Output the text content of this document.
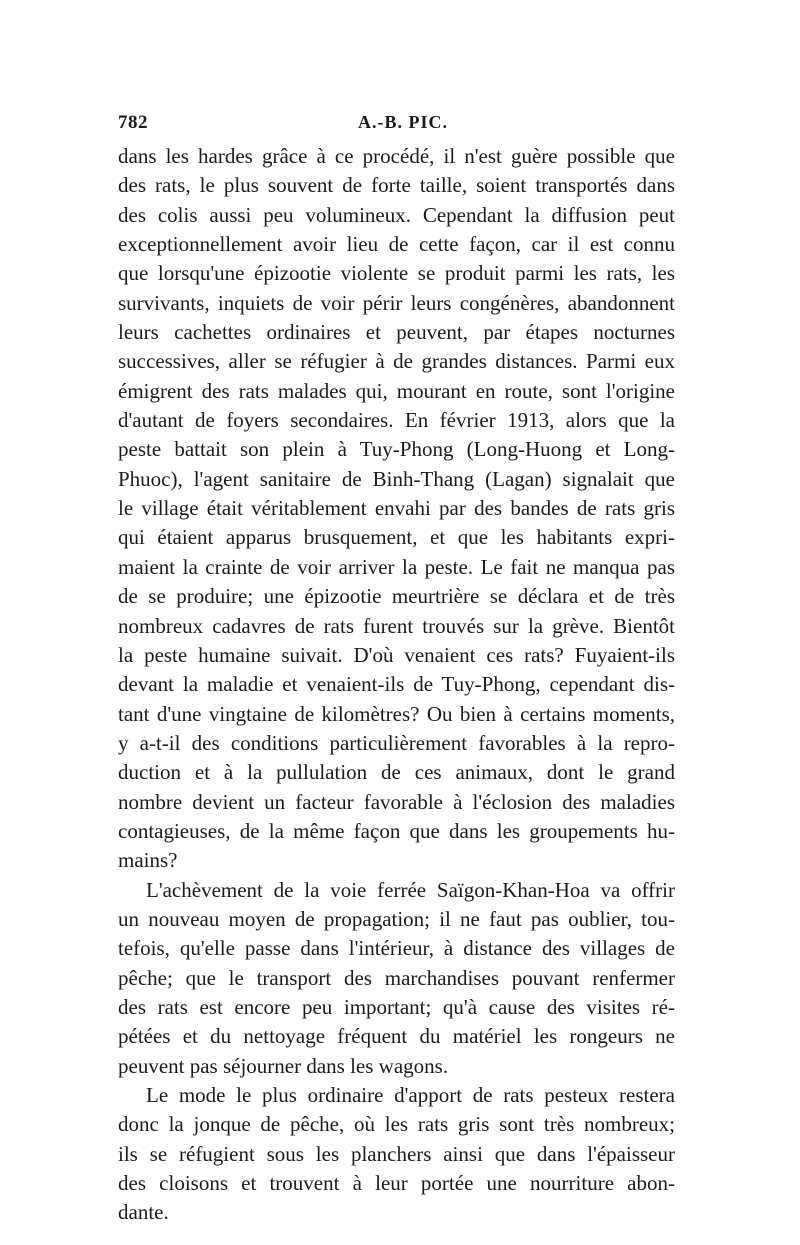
782	A.-B. PIC.
dans les hardes grâce à ce procédé, il n'est guère possible que
des rats, le plus souvent de forte taille, soient transportés dans
des colis aussi peu volumineux. Cependant la diffusion peut
exceptionnellement avoir lieu de cette façon, car il est connu
que lorsqu'une épizootie violente se produit parmi les rats, les
survivants, inquiets de voir périr leurs congénères, abandonnent
leurs cachettes ordinaires et peuvent, par étapes nocturnes
successives, aller se réfugier à de grandes distances. Parmi eux
émigrent des rats malades qui, mourant en route, sont l'origine
d'autant de foyers secondaires. En février 1913, alors que la
peste battait son plein à Tuy-Phong (Long-Huong et Long-
Phuoc), l'agent sanitaire de Binh-Thang (Lagan) signalait que
le village était véritablement envahi par des bandes de rats gris
qui étaient apparus brusquement, et que les habitants expri-
maient la crainte de voir arriver la peste. Le fait ne manqua pas
de se produire; une épizootie meurtrière se déclara et de très
nombreux cadavres de rats furent trouvés sur la grève. Bientôt
la peste humaine suivait. D'où venaient ces rats? Fuyaient-ils
devant la maladie et venaient-ils de Tuy-Phong, cependant dis-
tant d'une vingtaine de kilomètres? Ou bien à certains moments,
y a-t-il des conditions particulièrement favorables à la repro-
duction et à la pullulation de ces animaux, dont le grand
nombre devient un facteur favorable à l'éclosion des maladies
contagieuses, de la même façon que dans les groupements hu-
mains?
L'achèvement de la voie ferrée Saïgon-Khan-Hoa va offrir
un nouveau moyen de propagation; il ne faut pas oublier, tou-
tefois, qu'elle passe dans l'intérieur, à distance des villages de
pêche; que le transport des marchandises pouvant renfermer
des rats est encore peu important; qu'à cause des visites ré-
pétées et du nettoyage fréquent du matériel les rongeurs ne
peuvent pas séjourner dans les wagons.
Le mode le plus ordinaire d'apport de rats pesteux restera
donc la jonque de pêche, où les rats gris sont très nombreux;
ils se réfugient sous les planchers ainsi que dans l'épaisseur
des cloisons et trouvent à leur portée une nourriture abon-
dante.
